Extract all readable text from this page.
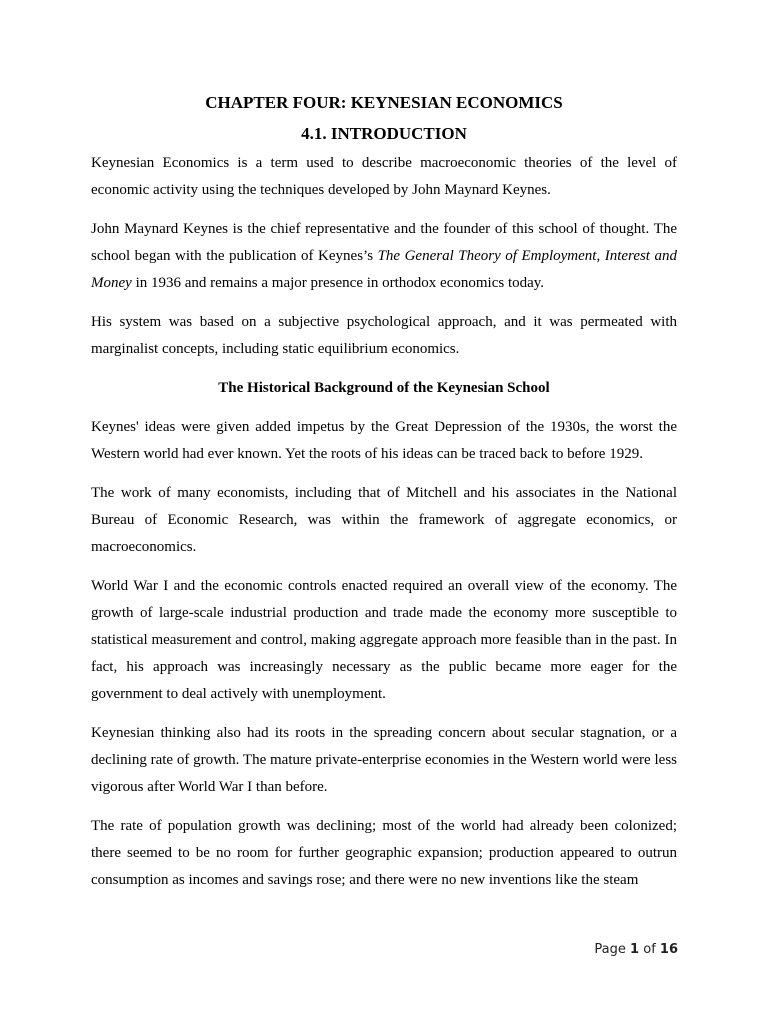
CHAPTER FOUR: KEYNESIAN ECONOMICS
4.1. INTRODUCTION

Keynesian Economics is a term used to describe macroeconomic theories of the level of economic activity using the techniques developed by John Maynard Keynes.

John Maynard Keynes is the chief representative and the founder of this school of thought. The school began with the publication of Keynes’s The General Theory of Employment, Interest and Money in 1936 and remains a major presence in orthodox economics today.

His system was based on a subjective psychological approach, and it was permeated with marginalist concepts, including static equilibrium economics.

The Historical Background of the Keynesian School

Keynes' ideas were given added impetus by the Great Depression of the 1930s, the worst the Western world had ever known. Yet the roots of his ideas can be traced back to before 1929.

The work of many economists, including that of Mitchell and his associates in the National Bureau of Economic Research, was within the framework of aggregate economics, or macroeconomics.

World War I and the economic controls enacted required an overall view of the economy. The growth of large-scale industrial production and trade made the economy more susceptible to statistical measurement and control, making aggregate approach more feasible than in the past. In fact, his approach was increasingly necessary as the public became more eager for the government to deal actively with unemployment.

Keynesian thinking also had its roots in the spreading concern about secular stagnation, or a declining rate of growth. The mature private-enterprise economies in the Western world were less vigorous after World War I than before.

The rate of population growth was declining; most of the world had already been colonized; there seemed to be no room for further geographic expansion; production appeared to outrun consumption as incomes and savings rose; and there were no new inventions like the steam

Page 1 of 16
